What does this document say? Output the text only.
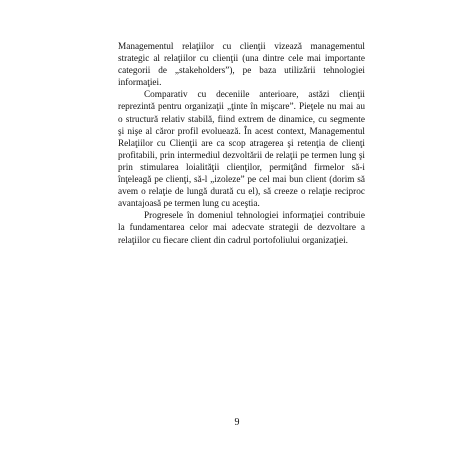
Managementul relaţiilor cu clienţii vizează managementul strategic al relaţiilor cu clienţii (una dintre cele mai importante categorii de „stakeholders”), pe baza utilizării tehnologiei informaţiei.

Comparativ cu deceniile anterioare, astăzi clienţii reprezintă pentru organizaţii „ţinte în mişcare”. Pieţele nu mai au o structură relativ stabilă, fiind extrem de dinamice, cu segmente şi nişe al căror profil evoluează. În acest context, Managementul Relaţiilor cu Clienţii are ca scop atragerea şi retenţia de clienţi profitabili, prin intermediul dezvoltării de relaţii pe termen lung şi prin stimularea loialităţii clienţilor, permiţând firmelor să-i înţeleagă pe clienţi, să-l „izoleze” pe cel mai bun client (dorim să avem o relaţie de lungă durată cu el), să creeze o relaţie reciproc avantajoasă pe termen lung cu aceştia.

Progresele în domeniul tehnologiei informaţiei contribuie la fundamentarea celor mai adecvate strategii de dezvoltare a relaţiilor cu fiecare client din cadrul portofoliului organizaţiei.

9
